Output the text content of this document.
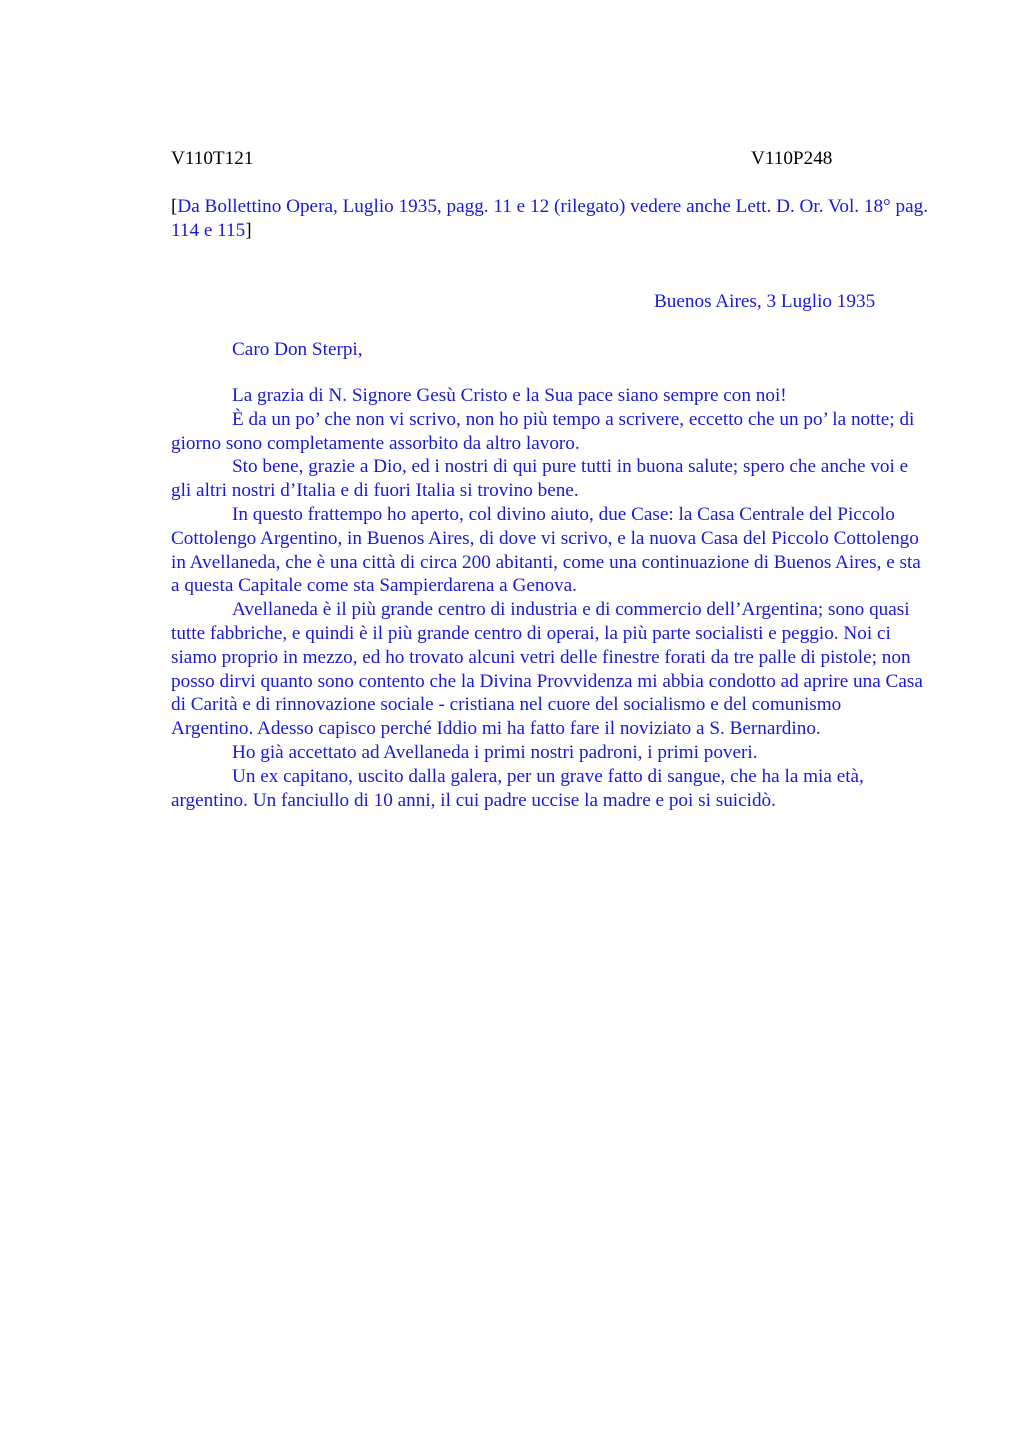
V110T121	V110P248
[Da Bollettino Opera, Luglio 1935, pagg. 11 e 12 (rilegato) vedere anche Lett. D. Or. Vol. 18° pag. 114 e 115]
Buenos Aires, 3 Luglio 1935
Caro Don Sterpi,

La grazia di N. Signore Gesù Cristo e la Sua pace siano sempre con noi!

È da un po’ che non vi scrivo, non ho più tempo a scrivere, eccetto che un po’ la notte; di giorno sono completamente assorbito da altro lavoro.

Sto bene, grazie a Dio, ed i nostri di qui pure tutti in buona salute; spero che anche voi e gli altri nostri d’Italia e di fuori Italia si trovino bene.

In questo frattempo ho aperto, col divino aiuto, due Case: la Casa Centrale del Piccolo Cottolengo Argentino, in Buenos Aires, di dove vi scrivo, e la nuova Casa del Piccolo Cottolengo in Avellaneda, che è una città di circa 200 abitanti, come una continuazione di Buenos Aires, e sta a questa Capitale come sta Sampierdarena a Genova.

Avellaneda è il più grande centro di industria e di commercio dell’Argentina; sono quasi tutte fabbriche, e quindi è il più grande centro di operai, la più parte socialisti e peggio. Noi ci siamo proprio in mezzo, ed ho trovato alcuni vetri delle finestre forati da tre palle di pistole; non posso dirvi quanto sono contento che la Divina Provvidenza mi abbia condotto ad aprire una Casa di Carità e di rinnovazione sociale - cristiana nel cuore del socialismo e del comunismo Argentino. Adesso capisco perché Iddio mi ha fatto fare il noviziato a S. Bernardino.

Ho già accettato ad Avellaneda i primi nostri padroni, i primi poveri.

Un ex capitano, uscito dalla galera, per un grave fatto di sangue, che ha la mia età, argentino. Un fanciullo di 10 anni, il cui padre uccise la madre e poi si suicidò.
